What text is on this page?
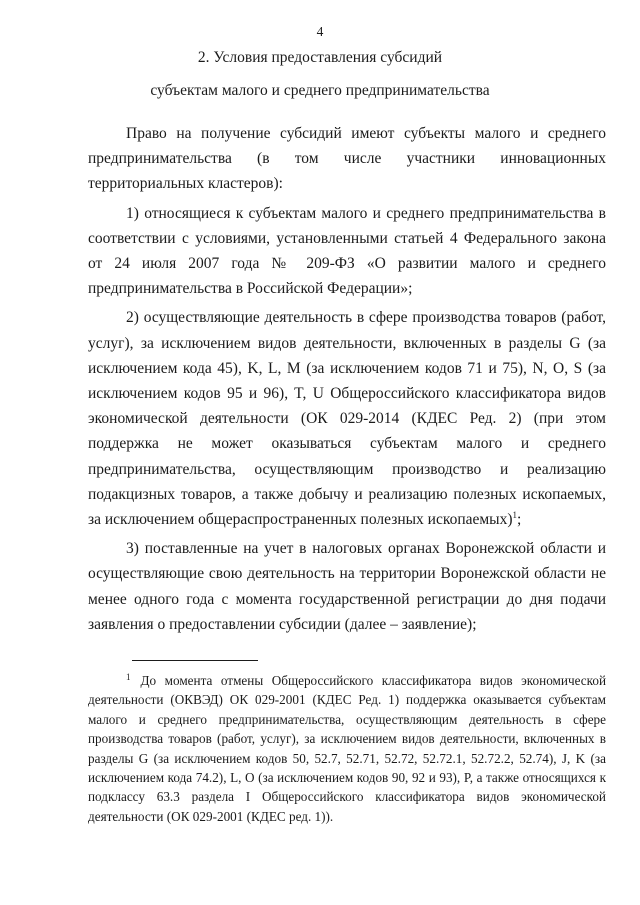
4
2. Условия предоставления субсидий
субъектам малого и среднего предпринимательства

Право на получение субсидий имеют субъекты малого и среднего предпринимательства (в том числе участники инновационных территориальных кластеров):

1) относящиеся к субъектам малого и среднего предпринимательства в соответствии с условиями, установленными статьей 4 Федерального закона от 24 июля 2007 года № 209-ФЗ «О развитии малого и среднего предпринимательства в Российской Федерации»;

2) осуществляющие деятельность в сфере производства товаров (работ, услуг), за исключением видов деятельности, включенных в разделы G (за исключением кода 45), K, L, M (за исключением кодов 71 и 75), N, O, S (за исключением кодов 95 и 96), T, U Общероссийского классификатора видов экономической деятельности (ОК 029-2014 (КДЕС Ред. 2) (при этом поддержка не может оказываться субъектам малого и среднего предпринимательства, осуществляющим производство и реализацию подакцизных товаров, а также добычу и реализацию полезных ископаемых, за исключением общераспространенных полезных ископаемых)$^1$;

3) поставленные на учет в налоговых органах Воронежской области и осуществляющие свою деятельность на территории Воронежской области не менее одного года с момента государственной регистрации до дня подачи заявления о предоставлении субсидии (далее – заявление);

$^1$ До момента отмены Общероссийского классификатора видов экономической деятельности (ОКВЭД) ОК 029-2001 (КДЕС Ред. 1) поддержка оказывается субъектам малого и среднего предпринимательства, осуществляющим деятельность в сфере производства товаров (работ, услуг), за исключением видов деятельности, включенных в разделы G (за исключением кодов 50, 52.7, 52.71, 52.72, 52.72.1, 52.72.2, 52.74), J, K (за исключением кода 74.2), L, O (за исключением кодов 90, 92 и 93), P, а также относящихся к подклассу 63.3 раздела I Общероссийского классификатора видов экономической деятельности (ОК 029-2001 (КДЕС ред. 1)).
